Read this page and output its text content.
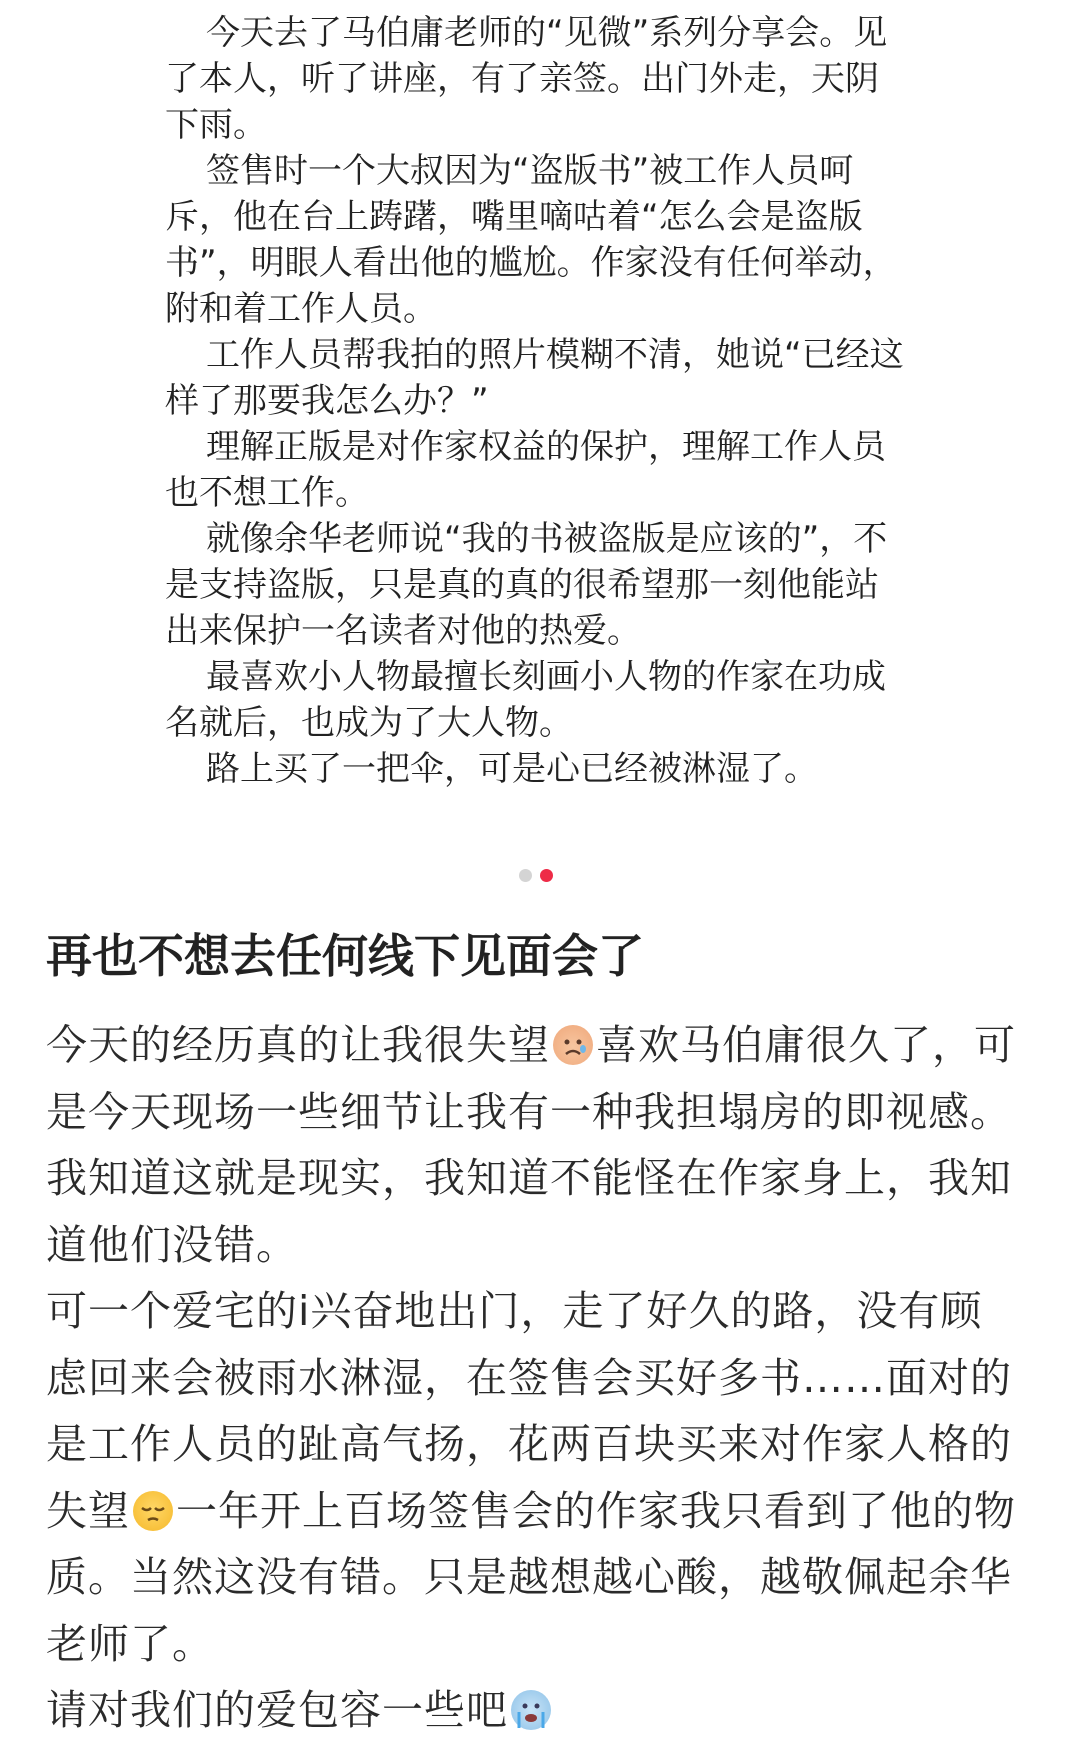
今天去了马伯庸老师的“见微”系列分享会。见了本人，听了讲座，有了亲签。出门外走，天阴下雨。

签售时一个大叔因为“盗版书”被工作人员呵斥，他在台上踌躇，嘴里嘀咕着“怎么会是盗版书”，明眼人看出他的尴尬。作家没有任何举动，附和着工作人员。

工作人员帮我拍的照片模糊不清，她说“已经这样了那要我怎么办？”

理解正版是对作家权益的保护，理解工作人员也不想工作。

就像余华老师说“我的书被盗版是应该的”，不是支持盗版，只是真的真的很希望那一刻他能站出来保护一名读者对他的热爱。

最喜欢小人物最擅长刻画小人物的作家在功成名就后，也成为了大人物。

路上买了一把伞，可是心已经被淋湿了。

再也不想去任何线下见面会了

今天的经历真的让我很失望 喜欢马伯庸很久了，可是今天现场一些细节让我有一种我担塌房的即视感。我知道这就是现实，我知道不能怪在作家身上，我知道他们没错。

可一个爱宅的i兴奋地出门，走了好久的路，没有顾虑回来会被雨水淋湿，在签售会买好多书……面对的是工作人员的趾高气扬，花两百块买来对作家人格的失望 一年开上百场签售会的作家我只看到了他的物质。当然这没有错。只是越想越心酸，越敬佩起余华老师了。

请对我们的爱包容一些吧
